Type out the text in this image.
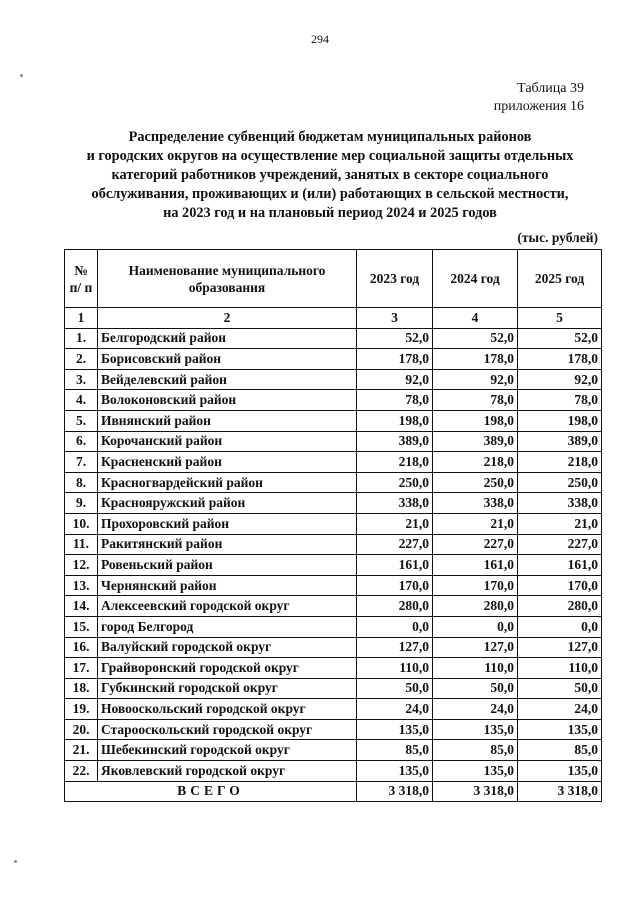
294
Таблица 39
приложения 16
Распределение субвенций бюджетам муниципальных районов
и городских округов на осуществление мер социальной защиты отдельных
категорий работников учреждений, занятых в секторе социального
обслуживания, проживающих и (или) работающих в сельской местности,
на 2023 год и на плановый период 2024 и 2025 годов
(тыс. рублей)
№ п/ п	Наименование муниципального образования	2023 год	2024 год	2025 год
1	2	3	4	5
1.	Белгородский район	52,0	52,0	52,0
2.	Борисовский район	178,0	178,0	178,0
3.	Вейделевский район	92,0	92,0	92,0
4.	Волоконовский район	78,0	78,0	78,0
5.	Ивнянский район	198,0	198,0	198,0
6.	Корочанский район	389,0	389,0	389,0
7.	Красненский район	218,0	218,0	218,0
8.	Красногвардейский район	250,0	250,0	250,0
9.	Краснояружский район	338,0	338,0	338,0
10.	Прохоровский район	21,0	21,0	21,0
11.	Ракитянский район	227,0	227,0	227,0
12.	Ровеньский район	161,0	161,0	161,0
13.	Чернянский район	170,0	170,0	170,0
14.	Алексеевский городской округ	280,0	280,0	280,0
15.	город Белгород	0,0	0,0	0,0
16.	Валуйский городской округ	127,0	127,0	127,0
17.	Грайворонский городской округ	110,0	110,0	110,0
18.	Губкинский городской округ	50,0	50,0	50,0
19.	Новооскольский городской округ	24,0	24,0	24,0
20.	Старооскольский городской округ	135,0	135,0	135,0
21.	Шебекинский городской округ	85,0	85,0	85,0
22.	Яковлевский городской округ	135,0	135,0	135,0
ВСЕГО		3 318,0	3 318,0	3 318,0
